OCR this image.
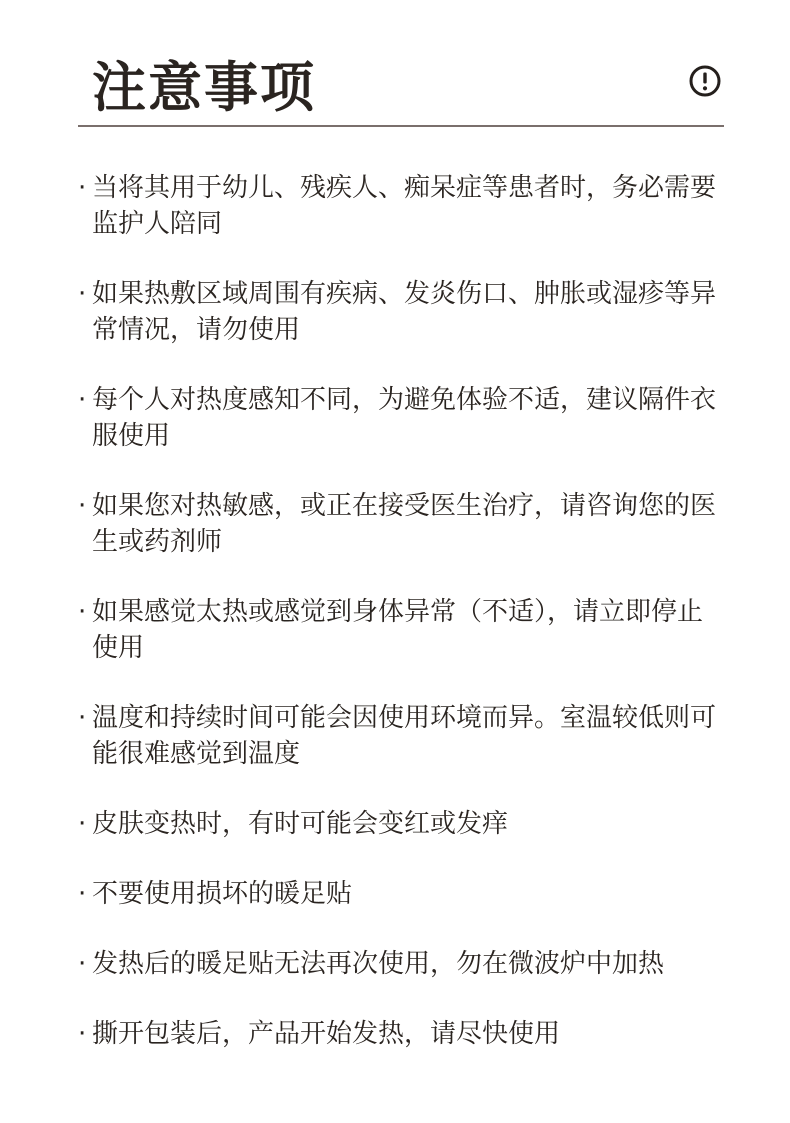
注意事项
· 当将其用于幼儿、残疾人、痴呆症等患者时，务必需要监护人陪同
· 如果热敷区域周围有疾病、发炎伤口、肿胀或湿疹等异常情况，请勿使用
· 每个人对热度感知不同，为避免体验不适，建议隔件衣服使用
· 如果您对热敏感，或正在接受医生治疗，请咨询您的医生或药剂师
· 如果感觉太热或感觉到身体异常（不适），请立即停止使用
· 温度和持续时间可能会因使用环境而异。室温较低则可能很难感觉到温度
· 皮肤变热时，有时可能会变红或发痒
· 不要使用损坏的暖足贴
· 发热后的暖足贴无法再次使用，勿在微波炉中加热
· 撕开包装后，产品开始发热，请尽快使用
